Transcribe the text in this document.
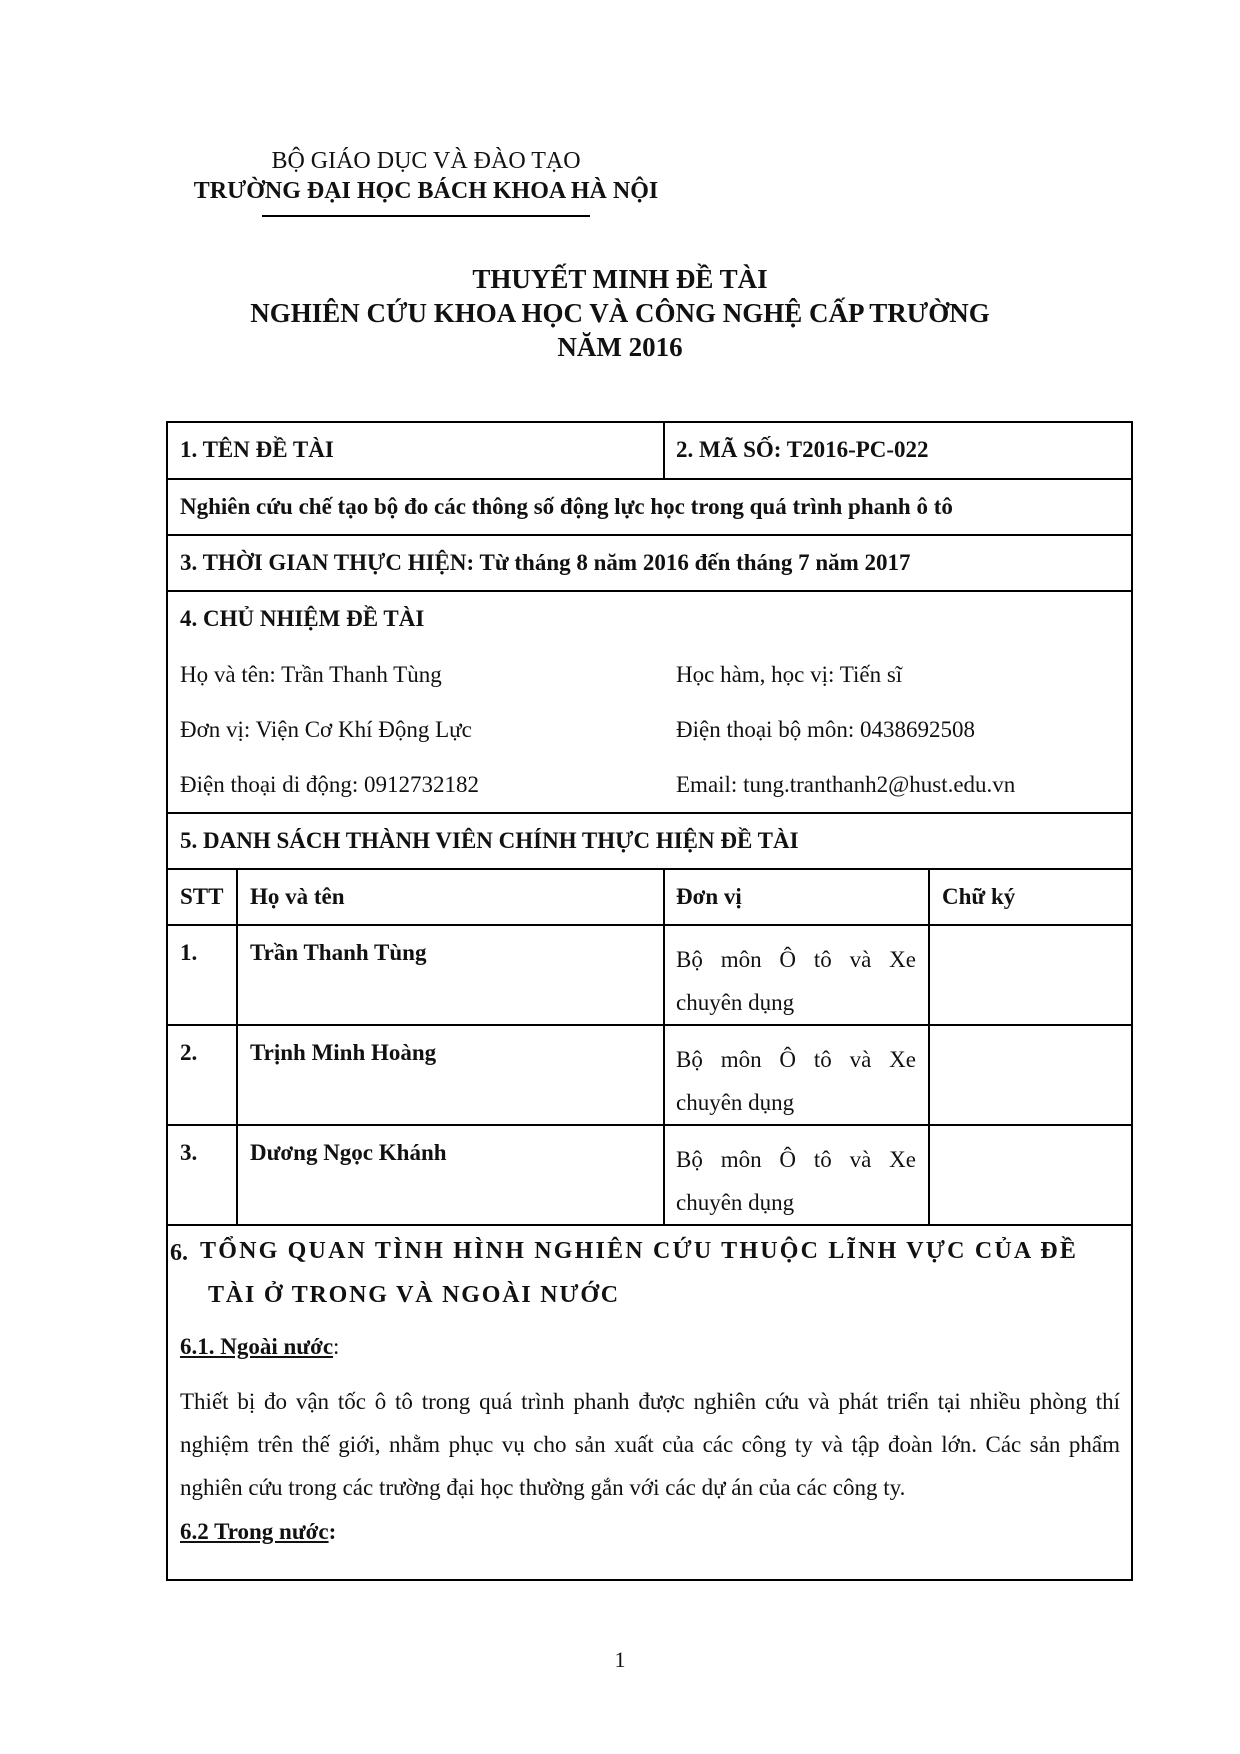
BỘ GIÁO DỤC VÀ ĐÀO TẠO
TRƯỜNG ĐẠI HỌC BÁCH KHOA HÀ NỘI
THUYẾT MINH ĐỀ TÀI
NGHIÊN CỨU KHOA HỌC VÀ CÔNG NGHỆ CẤP TRƯỜNG
NĂM 2016
1. TÊN ĐỀ TÀI	2. MÃ SỐ: T2016-PC-022
Nghiên cứu chế tạo bộ đo các thông số động lực học trong quá trình phanh ô tô
3. THỜI GIAN THỰC HIỆN: Từ tháng 8 năm 2016 đến tháng 7 năm 2017
4. CHỦ NHIỆM ĐỀ TÀI
Họ và tên: Trần Thanh Tùng	Học hàm, học vị: Tiến sĩ
Đơn vị: Viện Cơ Khí Động Lực	Điện thoại bộ môn: 0438692508
Điện thoại di động: 0912732182	Email: tung.tranthanh2@hust.edu.vn
5. DANH SÁCH THÀNH VIÊN CHÍNH THỰC HIỆN ĐỀ TÀI
STT Họ và tên	Đơn vị	Chữ ký
1. Trần Thanh Tùng	Bộ môn Ô tô và Xe chuyên dụng
2. Trịnh Minh Hoàng	Bộ môn Ô tô và Xe chuyên dụng
3. Dương Ngọc Khánh	Bộ môn Ô tô và Xe chuyên dụng
6. TỔNG QUAN TÌNH HÌNH NGHIÊN CỨU THUỘC LĨNH VỰC CỦA ĐỀ
TÀI Ở TRONG VÀ NGOÀI NƯỚC
6.1. Ngoài nước:
Thiết bị đo vận tốc ô tô trong quá trình phanh được nghiên cứu và phát triển tại nhiều phòng thí nghiệm trên thế giới, nhằm phục vụ cho sản xuất của các công ty và tập đoàn lớn. Các sản phẩm nghiên cứu trong các trường đại học thường gắn với các dự án của các công ty.
6.2 Trong nước:
1
